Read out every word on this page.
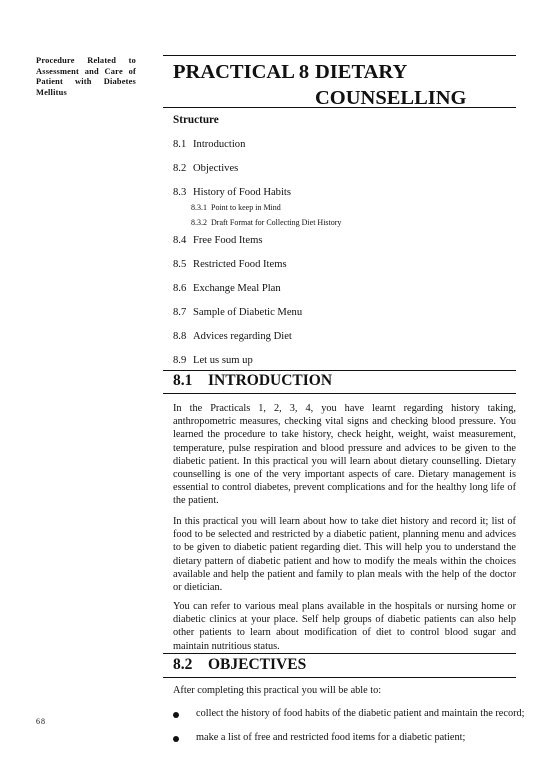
Procedure Related to Assessment and Care of Patient with Diabetes Mellitus
PRACTICAL 8 DIETARY
COUNSELLING
Structure
8.1 Introduction
8.2 Objectives
8.3 History of Food Habits
8.3.1 Point to keep in Mind
8.3.2 Draft Format for Collecting Diet History
8.4 Free Food Items
8.5 Restricted Food Items
8.6 Exchange Meal Plan
8.7 Sample of Diabetic Menu
8.8 Advices regarding Diet
8.9 Let us sum up
8.1 INTRODUCTION

In the Practicals 1, 2, 3, 4, you have learnt regarding history taking, anthropometric measures, checking vital signs and checking blood pressure. You learned the procedure to take history, check height, weight, waist measurement, temperature, pulse respiration and blood pressure and advices to be given to the diabetic patient. In this practical you will learn about dietary counselling. Dietary counselling is one of the very important aspects of care. Dietary management is essential to control diabetes, prevent complications and for the healthy long life of the patient.

In this practical you will learn about how to take diet history and record it; list of food to be selected and restricted by a diabetic patient, planning menu and advices to be given to diabetic patient regarding diet. This will help you to understand the dietary pattern of diabetic patient and how to modify the meals within the choices available and help the patient and family to plan meals with the help of the doctor or dietician.

You can refer to various meal plans available in the hospitals or nursing home or diabetic clinics at your place. Self help groups of diabetic patients can also help other patients to learn about modification of diet to control blood sugar and maintain nutritious status.

8.2 OBJECTIVES
After completing this practical you will be able to:
collect the history of food habits of the diabetic patient and maintain the record;
make a list of free and restricted food items for a diabetic patient;
68
